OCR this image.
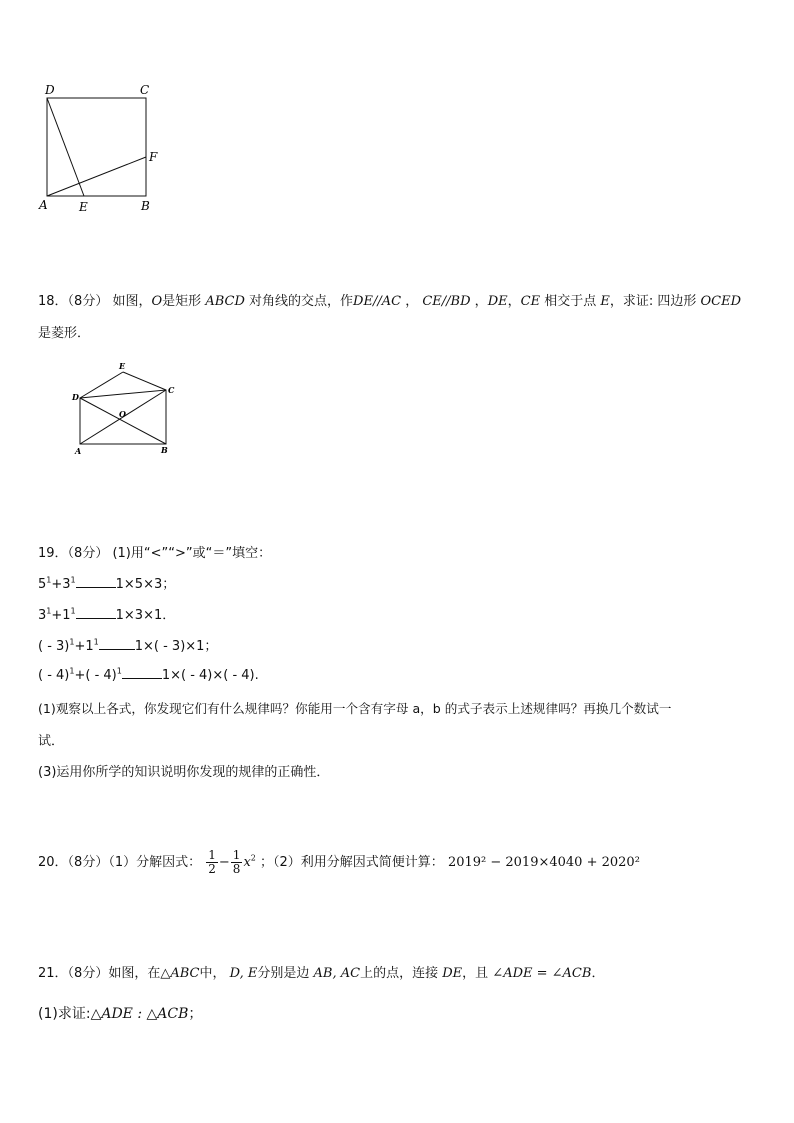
D	C
F
A	E	B
18．（8分） 如图，O是矩形 ABCD 对角线的交点，作DE//AC ， CE//BD ，DE，CE 相交于点 E，求证: 四边形 OCED
是菱形．
E
D
C
O
A	B
19．（8分） (1)用“<”“>”或“＝”填空：
$5^1+3^1$	1×5×3；
$3^1+1^1$	1×3×1．
( - $3)^1+1^1$	1×( - 3)×1；
( - 4)$^1$+( - 4)$^1$	1×( - 4)×( - 4).
(1)观察以上各式，你发现它们有什么规律吗？你能用一个含有字母 a，b 的式子表示上述规律吗？再换几个数试一
试．
(3)运用你所学的知识说明你发现的规律的正确性．
20．（8分）（1）分解因式： $\frac{1}{2} - \frac{1}{8} x^2$ ；（2）利用分解因式简便计算： 2019² − 2019×4040 + 2020²
21．（8分）如图，在△ABC中， D, E分别是边 AB, AC上的点，连接 DE，且 ∠ADE = ∠ACB．
(1)求证:△ADE : △ACB；
